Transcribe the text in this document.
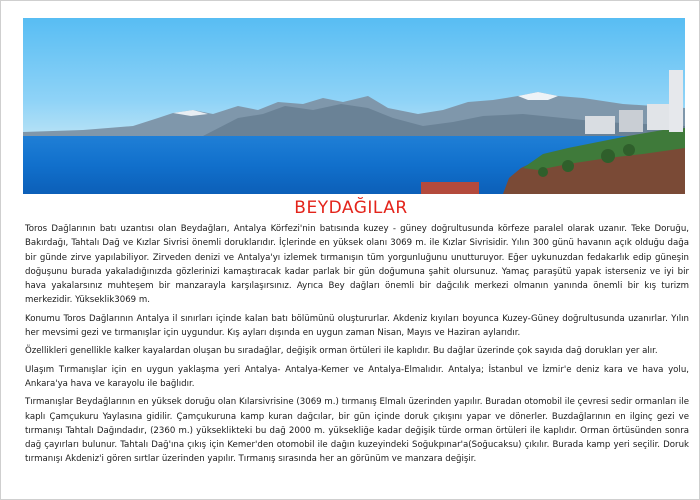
BEYDAĞILAR

Toros Dağlarının batı uzantısı olan Beydağları, Antalya Körfezi'nin batısında kuzey - güney doğrultusunda körfeze paralel olarak uzanır. Teke Doruğu, Bakırdağı, Tahtalı Dağ ve Kızlar Sivrisi önemli doruklarıdır. İçlerinde en yüksek olanı 3069 m. ile Kızlar Sivrisidir. Yılın 300 günü havanın açık olduğu dağa bir günde zirve yapılabiliyor. Zirveden denizi ve Antalya'yı izlemek tırmanışın tüm yorgunluğunu unutturuyor. Eğer uykunuzdan fedakarlık edip güneşin doğuşunu burada yakaladığınızda gözlerinizi kamaştıracak kadar parlak bir gün doğumuna şahit olursunuz. Yamaç paraşütü yapak isterseniz ve iyi bir hava yakalarsınız muhteşem bir manzarayla karşılaşırsınız. Ayrıca Bey dağları önemli bir dağcılık merkezi olmanın yanında önemli bir kış turizm merkezidir. Yükseklik3069 m.

Konumu Toros Dağlarının Antalya il sınırları içinde kalan batı bölümünü oluştururlar. Akdeniz kıyıları boyunca Kuzey-Güney doğrultusunda uzanırlar. Yılın her mevsimi gezi ve tırmanışlar için uygundur. Kış ayları dışında en uygun zaman Nisan, Mayıs ve Haziran aylarıdır.

Özellikleri genellikle kalker kayalardan oluşan bu sıradağlar, değişik orman örtüleri ile kaplıdır. Bu dağlar üzerinde çok sayıda dağ dorukları yer alır.

Ulaşım Tırmanışlar için en uygun yaklaşma yeri Antalya- Antalya-Kemer ve Antalya-Elmalıdır. Antalya; İstanbul ve İzmir'e deniz kara ve hava yolu, Ankara'ya hava ve karayolu ile bağlıdır.

Tırmanışlar Beydağlarının en yüksek doruğu olan Kılarsivrisine (3069 m.) tırmanış Elmalı üzerinden yapılır. Buradan otomobil ile çevresi sedir ormanları ile kaplı Çamçukuru Yaylasına gidilir. Çamçukuruna kamp kuran dağcılar, bir gün içinde doruk çıkışını yapar ve dönerler. Buzdağlarının en ilginç gezi ve tırmanışı Tahtalı Dağındadır, (2360 m.) yükseklikteki bu dağ 2000 m. yüksekliğe kadar değişik türde orman örtüleri ile kaplıdır. Orman örtüsünden sonra dağ çayırları bulunur. Tahtalı Dağ'ına çıkış için Kemer'den otomobil ile dağın kuzeyindeki Soğukpınar'a(Soğucaksu) çıkılır. Burada kamp yeri seçilir. Doruk tırmanışı Akdeniz'i gören sırtlar üzerinden yapılır. Tırmanış sırasında her an görünüm ve manzara değişir.
